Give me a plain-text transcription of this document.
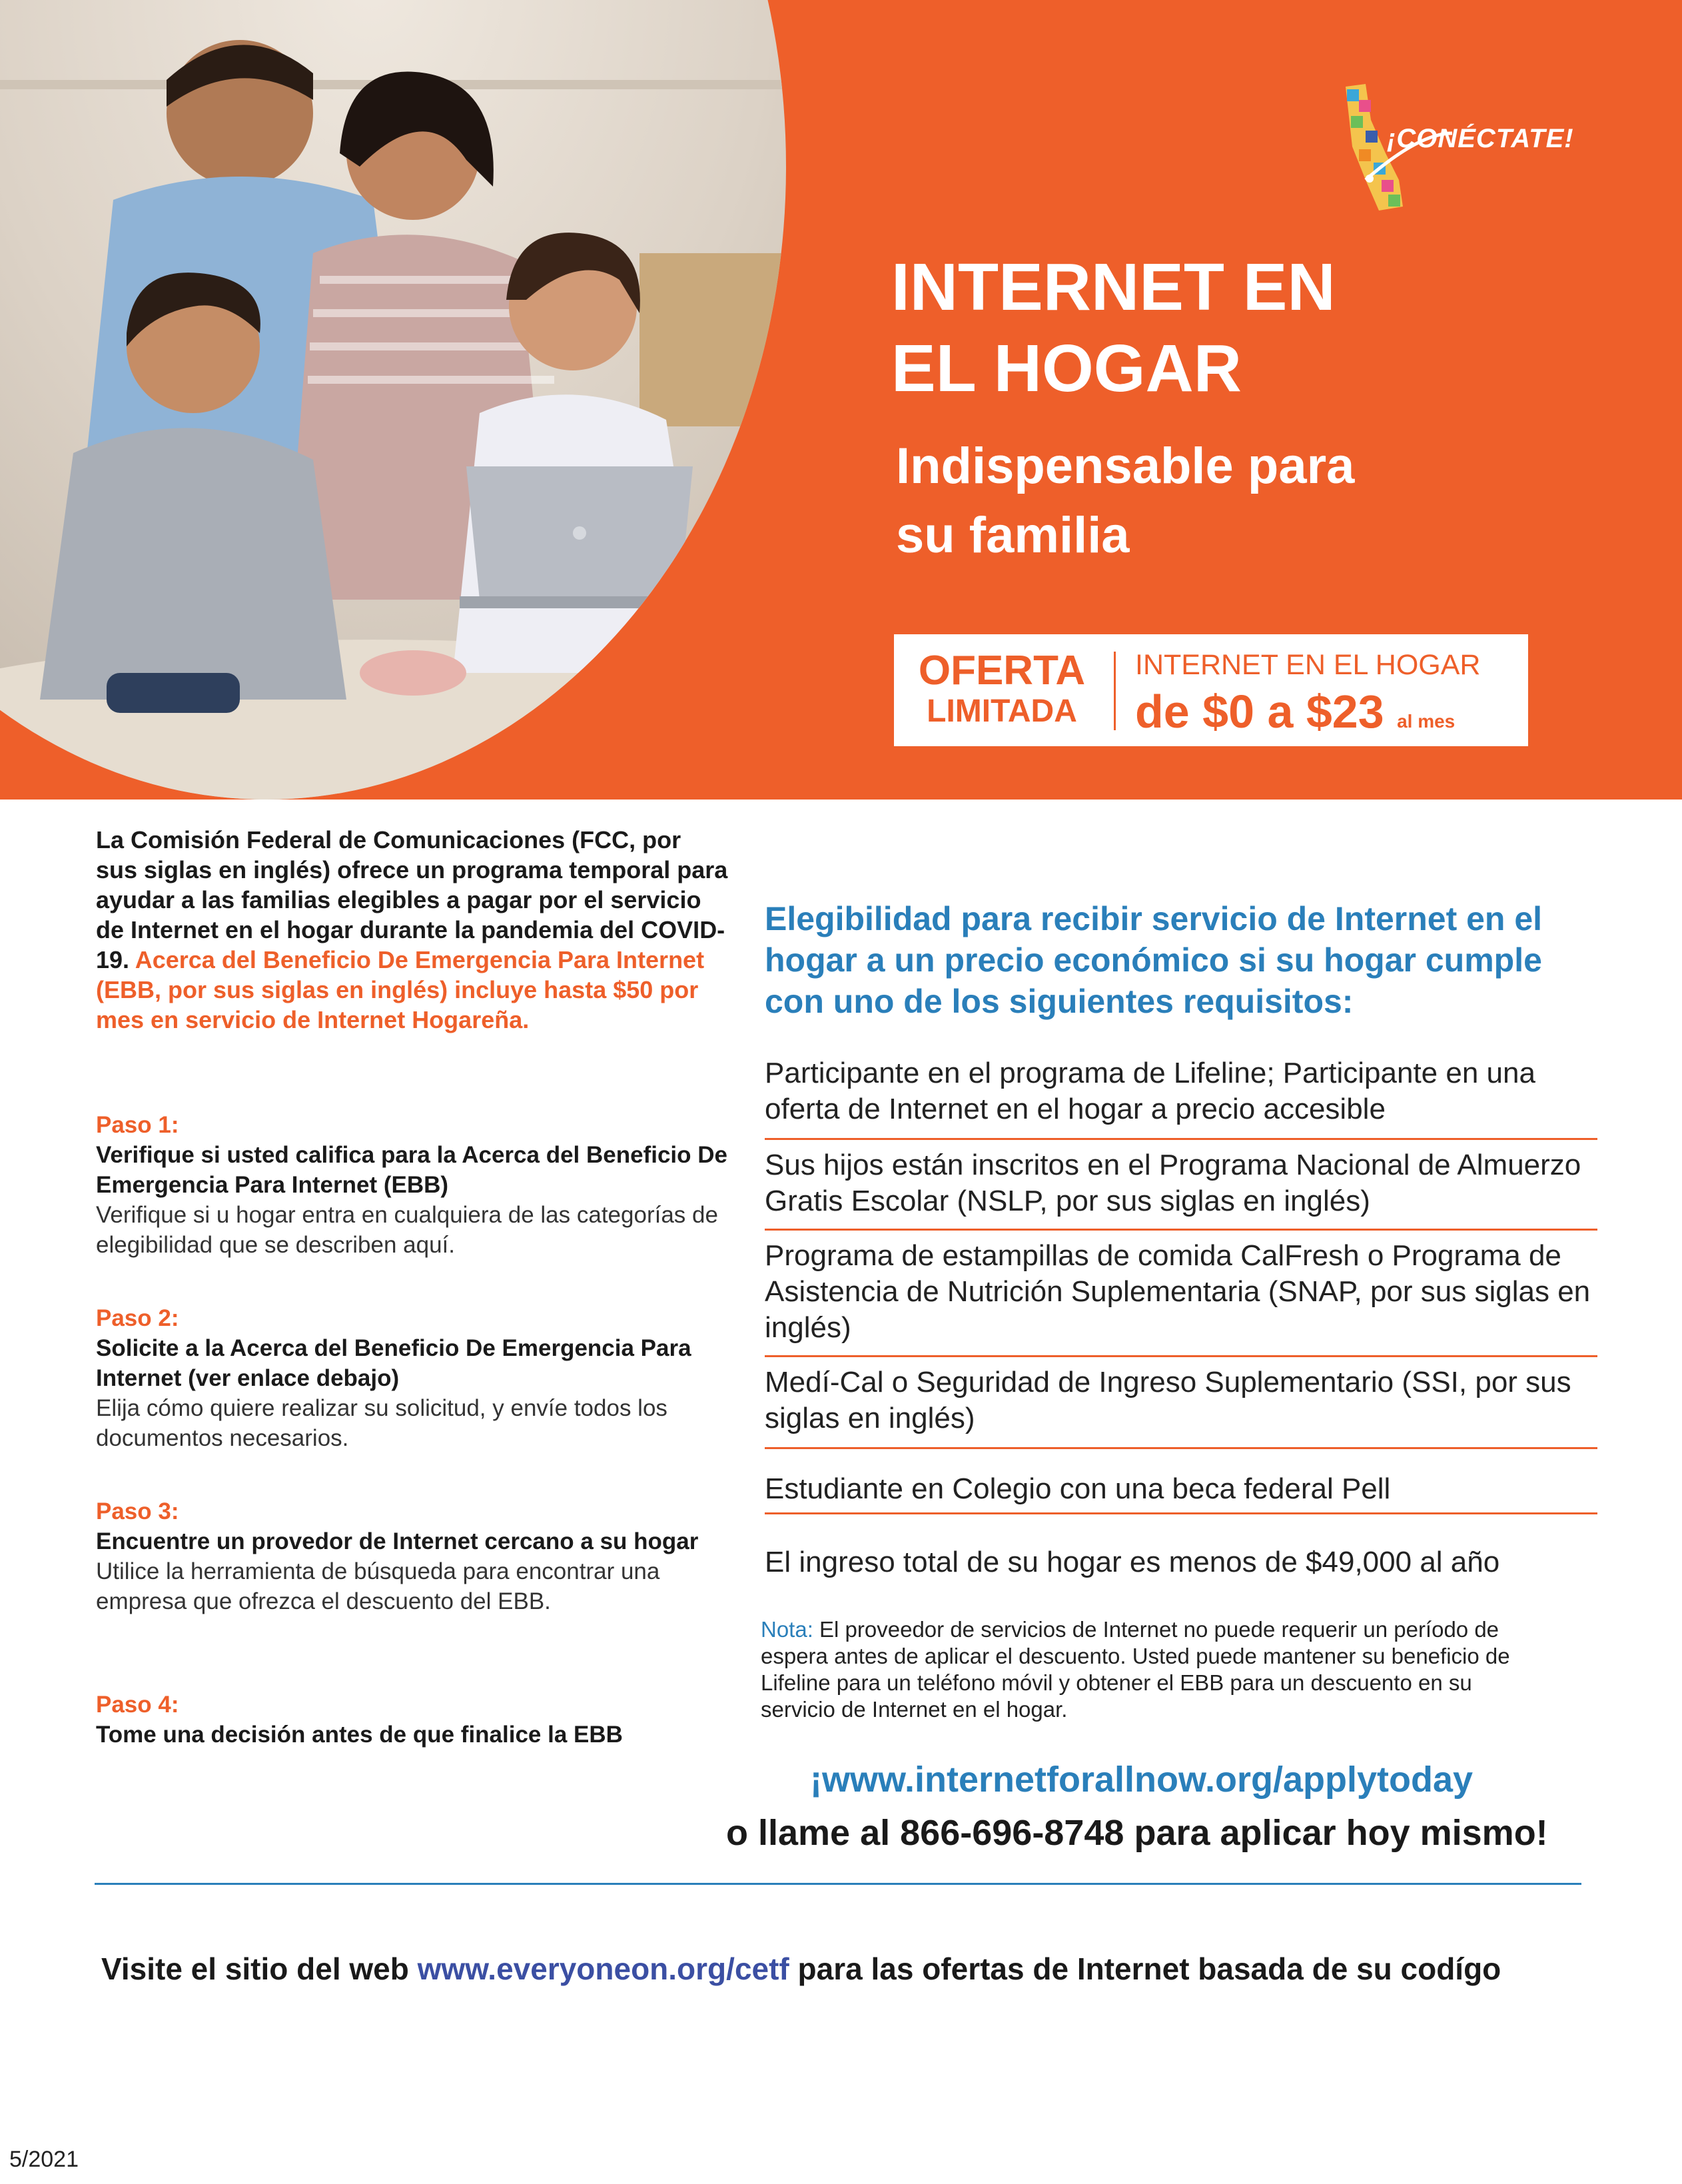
¡CONÉCTATE!
INTERNET EN
EL HOGAR
Indispensable para
su familia
OFERTA
LIMITADA
INTERNET EN EL HOGAR
de $0 a $23 al mes
La Comisión Federal de Comunicaciones (FCC, por sus siglas en inglés) ofrece un programa temporal para ayudar a las familias elegibles a pagar por el servicio de Internet en el hogar durante la pandemia del COVID-19. Acerca del Beneficio De Emergencia Para Internet (EBB, por sus siglas en inglés) incluye hasta $50 por mes en servicio de Internet Hogareña.
Paso 1:
Verifique si usted califica para la Acerca del Beneficio De Emergencia Para Internet (EBB)
Verifique si u hogar entra en cualquiera de las categorías de elegibilidad que se describen aquí.
Paso 2:
Solicite a la Acerca del Beneficio De Emergencia Para Internet (ver enlace debajo)
Elija cómo quiere realizar su solicitud, y envíe todos los documentos necesarios.
Paso 3:
Encuentre un provedor de Internet cercano a su hogar
Utilice la herramienta de búsqueda para encontrar una empresa que ofrezca el descuento del EBB.
Paso 4:
Tome una decisión antes de que finalice la EBB
Elegibilidad para recibir servicio de Internet en el hogar a un precio económico si su hogar cumple con uno de los siguientes requisitos:
Participante en el programa de Lifeline; Participante en una oferta de Internet en el hogar a precio accesible
Sus hijos están inscritos en el Programa Nacional de Almuerzo Gratis Escolar (NSLP, por sus siglas en inglés)
Programa de estampillas de comida CalFresh o Programa de Asistencia de Nutrición Suplementaria (SNAP, por sus siglas en inglés)
Medí-Cal o Seguridad de Ingreso Suplementario (SSI, por sus siglas en inglés)
Estudiante en Colegio con una beca federal Pell
El ingreso total de su hogar es menos de $49,000 al año
Nota: El proveedor de servicios de Internet no puede requerir un período de espera antes de aplicar el descuento. Usted puede mantener su beneficio de Lifeline para un teléfono móvil y obtener el EBB para un descuento en su servicio de Internet en el hogar.
¡www.internetforallnow.org/applytoday
o llame al 866-696-8748 para aplicar hoy mismo!
Visite el sitio del web www.everyoneon.org/cetf para las ofertas de Internet basada de su codígo
5/2021
